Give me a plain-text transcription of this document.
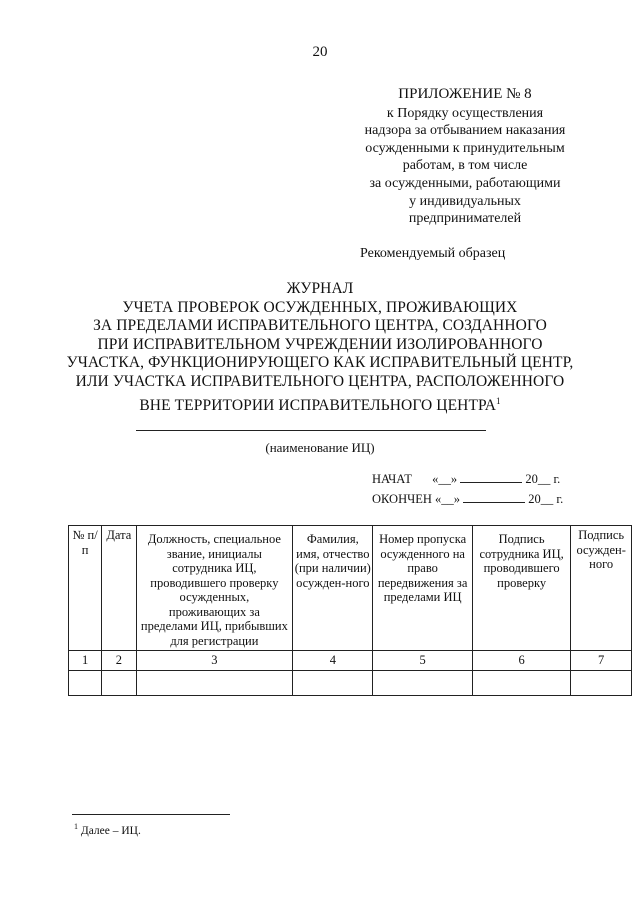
20
ПРИЛОЖЕНИЕ № 8
к Порядку осуществления
надзора за отбыванием наказания
осужденными к принудительным
работам, в том числе
за осужденными, работающими
у индивидуальных
предпринимателей
Рекомендуемый образец
ЖУРНАЛ
УЧЕТА ПРОВЕРОК ОСУЖДЕННЫХ, ПРОЖИВАЮЩИХ
ЗА ПРЕДЕЛАМИ ИСПРАВИТЕЛЬНОГО ЦЕНТРА, СОЗДАННОГО
ПРИ ИСПРАВИТЕЛЬНОМ УЧРЕЖДЕНИИ ИЗОЛИРОВАННОГО
УЧАСТКА, ФУНКЦИОНИРУЮЩЕГО КАК ИСПРАВИТЕЛЬНЫЙ ЦЕНТР,
ИЛИ УЧАСТКА ИСПРАВИТЕЛЬНОГО ЦЕНТРА, РАСПОЛОЖЕННОГО
ВНЕ ТЕРРИТОРИИ ИСПРАВИТЕЛЬНОГО ЦЕНТРА$^1$
(наименование ИЦ)
НАЧАТ «__»	20__ г.
ОКОНЧЕН «__»	20__ г.
№ п/п	Дата	Должность, специальное звание, инициалы сотрудника ИЦ, проводившего проверку осужденных, проживающих за пределами ИЦ, прибывших для регистрации	Фамилия, имя, отчество (при наличии) осужден-ного	Номер пропуска осужденного на право передвижения за пределами ИЦ	Подпись сотрудника ИЦ, проводившего проверку	Подпись осужден-ного
1	2	3	4	5	6	7

$^1$ Далее – ИЦ.
